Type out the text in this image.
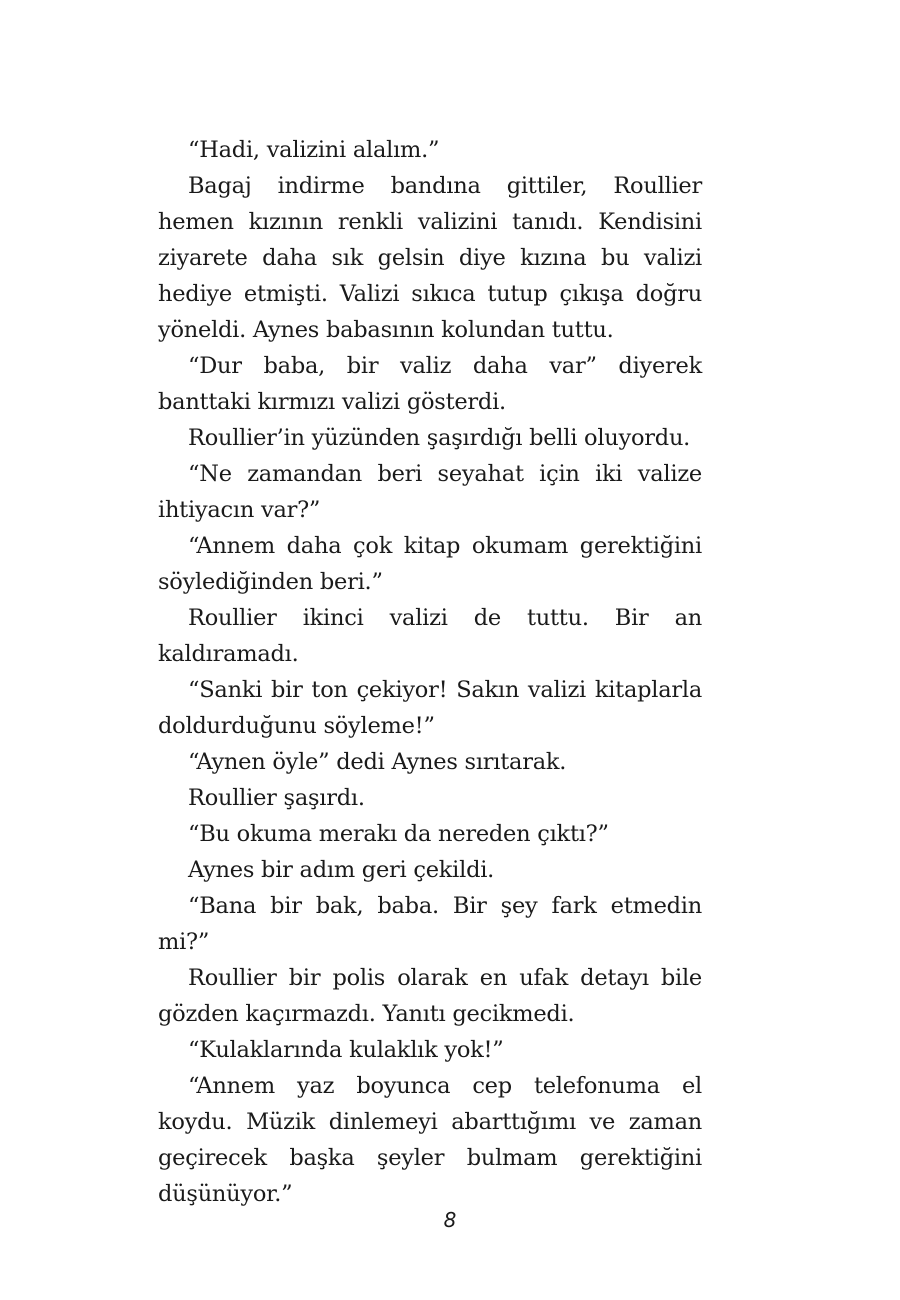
“Hadi, valizini alalım.”

Bagaj indirme bandına gittiler, Roullier hemen kızının renkli valizini tanıdı. Kendisini ziyarete daha sık gelsin diye kızına bu valizi hediye etmişti. Valizi sıkıca tutup çıkışa doğru yöneldi. Aynes babasının kolundan tuttu.

“Dur baba, bir valiz daha var” diyerek banttaki kırmızı valizi gösterdi.

Roullier’in yüzünden şaşırdığı belli oluyordu.

“Ne zamandan beri seyahat için iki valize ihtiyacın var?”

“Annem daha çok kitap okumam gerektiğini söylediğinden beri.”

Roullier ikinci valizi de tuttu. Bir an kaldıramadı.

“Sanki bir ton çekiyor! Sakın valizi kitaplarla doldurduğunu söyleme!”

“Aynen öyle” dedi Aynes sırıtarak.

Roullier şaşırdı.

“Bu okuma merakı da nereden çıktı?”

Aynes bir adım geri çekildi.

“Bana bir bak, baba. Bir şey fark etmedin mi?”

Roullier bir polis olarak en ufak detayı bile gözden kaçırmazdı. Yanıtı gecikmedi.

“Kulaklarında kulaklık yok!”

“Annem yaz boyunca cep telefonuma el koydu. Müzik dinlemeyi abarttığımı ve zaman geçirecek başka şeyler bulmam gerektiğini düşünüyor.”

8
